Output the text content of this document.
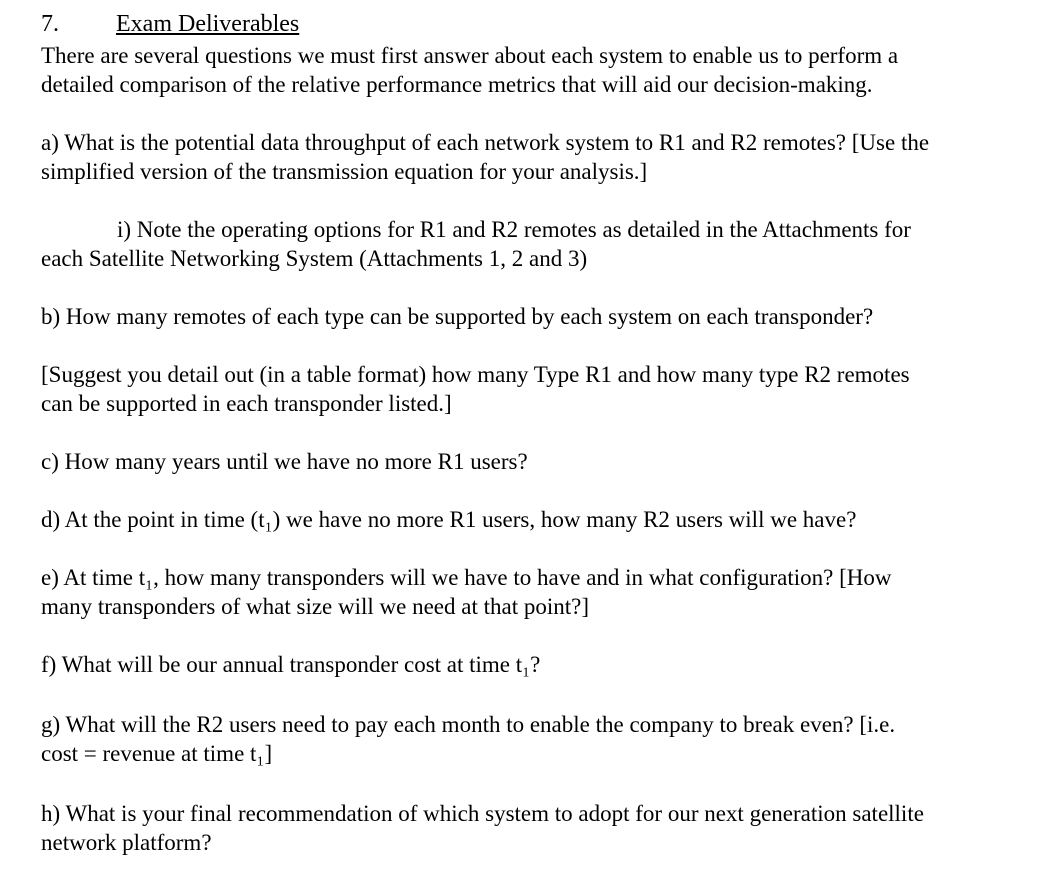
7. Exam Deliverables
There are several questions we must first answer about each system to enable us to perform a
detailed comparison of the relative performance metrics that will aid our decision-making.
a) What is the potential data throughput of each network system to R1 and R2 remotes? [Use the
simplified version of the transmission equation for your analysis.]
i) Note the operating options for R1 and R2 remotes as detailed in the Attachments for
each Satellite Networking System (Attachments 1, 2 and 3)
b) How many remotes of each type can be supported by each system on each transponder?
[Suggest you detail out (in a table format) how many Type R1 and how many type R2 remotes
can be supported in each transponder listed.]
c) How many years until we have no more R1 users?
d) At the point in time (t₁) we have no more R1 users, how many R2 users will we have?
e) At time t₁, how many transponders will we have to have and in what configuration? [How
many transponders of what size will we need at that point?]
f) What will be our annual transponder cost at time t₁?
g) What will the R2 users need to pay each month to enable the company to break even? [i.e.
cost = revenue at time t₁]
h) What is your final recommendation of which system to adopt for our next generation satellite
network platform?
